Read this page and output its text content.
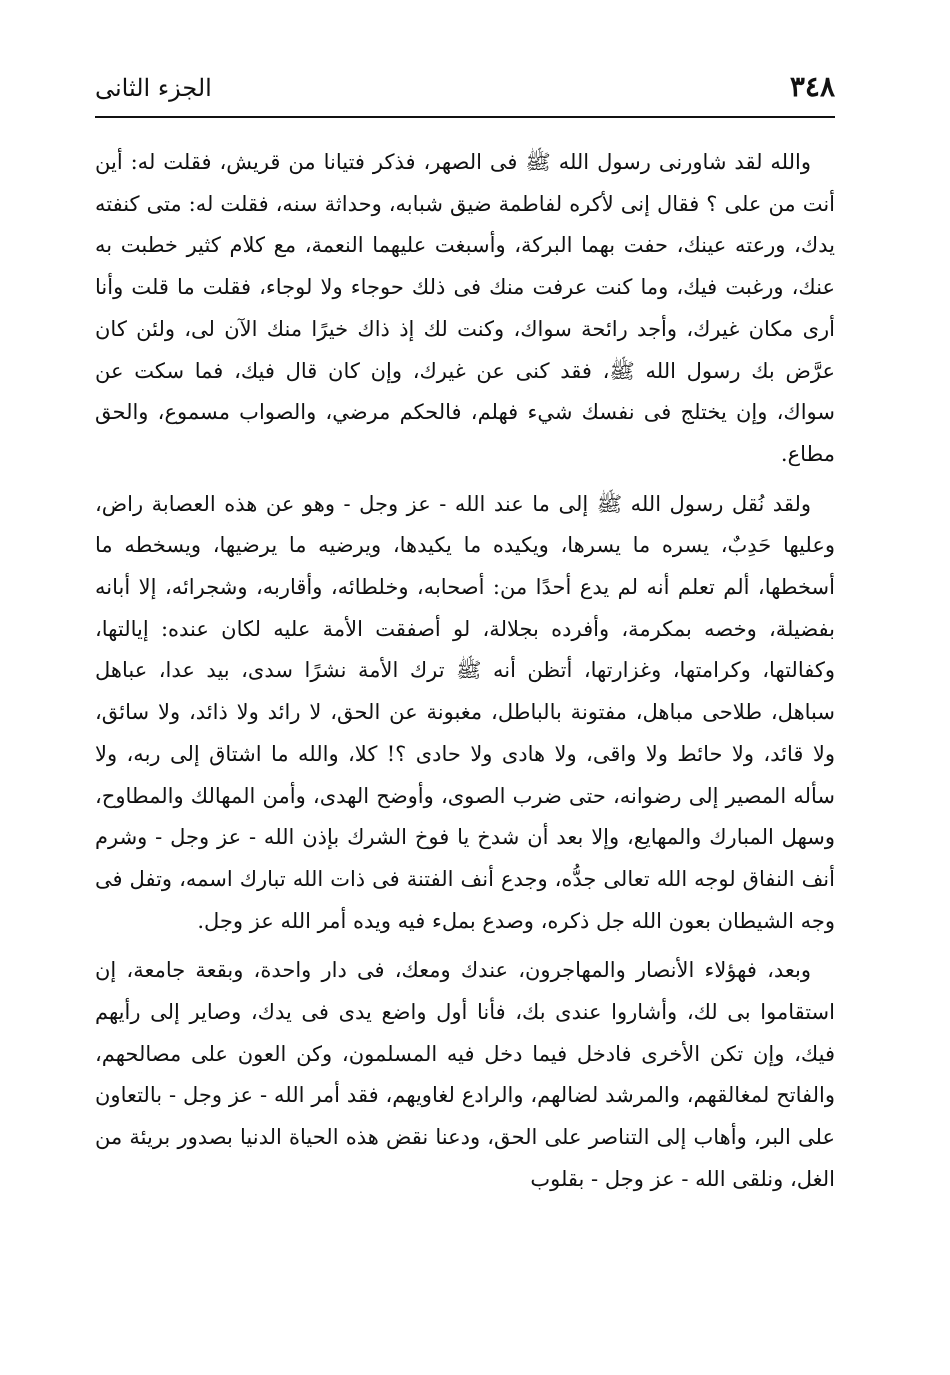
٣٤٨
الجزء الثانى

والله لقد شاورنى رسول الله ﷺ فى الصهر، فذكر فتيانا من قريش، فقلت له: أين أنت من على ؟ فقال إنى لأكره لفاطمة ضيق شبابه، وحداثة سنه، فقلت له: متى كنفته يدك، ورعته عينك، حفت بهما البركة، وأسبغت عليهما النعمة، مع كلام كثير خطبت به عنك، ورغبت فيك، وما كنت عرفت منك فى ذلك حوجاء ولا لوجاء، فقلت ما قلت وأنا أرى مكان غيرك، وأجد رائحة سواك، وكنت لك إذ ذاك خيرًا منك الآن لى، ولئن كان عرَّض بك رسول الله ﷺ، فقد كنى عن غيرك، وإن كان قال فيك، فما سكت عن سواك، وإن يختلج فى نفسك شيء فهلم، فالحكم مرضي، والصواب مسموع، والحق مطاع.

ولقد نُقل رسول الله ﷺ إلى ما عند الله - عز وجل - وهو عن هذه العصابة راض، وعليها حَدِبٌ، يسره ما يسرها، ويكيده ما يكيدها، ويرضيه ما يرضيها، ويسخطه ما أسخطها، ألم تعلم أنه لم يدع أحدًا من: أصحابه، وخلطائه، وأقاربه، وشجرائه، إلا أبانه بفضيلة، وخصه بمكرمة، وأفرده بجلالة، لو أصفقت الأمة عليه لكان عنده: إيالتها، وكفالتها، وكرامتها، وغزارتها، أتظن أنه ﷺ ترك الأمة نشرًا سدى، بيد عدا، عباهل سباهل، طلاحى مباهل، مفتونة بالباطل، مغبونة عن الحق، لا رائد ولا ذائد، ولا سائق، ولا قائد، ولا حائط ولا واقى، ولا هادى ولا حادى ؟! كلا، والله ما اشتاق إلى ربه، ولا سأله المصير إلى رضوانه، حتى ضرب الصوى، وأوضح الهدى، وأمن المهالك والمطاوح، وسهل المبارك والمهايع، وإلا بعد أن شدخ يا فوخ الشرك بإذن الله - عز وجل - وشرم أنف النفاق لوجه الله تعالى جدُّه، وجدع أنف الفتنة فى ذات الله تبارك اسمه، وتفل فى وجه الشيطان بعون الله جل ذكره، وصدع بملء فيه ويده أمر الله عز وجل.

وبعد، فهؤلاء الأنصار والمهاجرون، عندك ومعك، فى دار واحدة، وبقعة جامعة، إن استقاموا بى لك، وأشاروا عندى بك، فأنا أول واضع يدى فى يدك، وصاير إلى رأيهم فيك، وإن تكن الأخرى فادخل فيما دخل فيه المسلمون، وكن العون على مصالحهم، والفاتح لمغالقهم، والمرشد لضالهم، والرادع لغاويهم، فقد أمر الله - عز وجل - بالتعاون على البر، وأهاب إلى التناصر على الحق، ودعنا نقض هذه الحياة الدنيا بصدور بريئة من الغل، ونلقى الله - عز وجل - بقلوب
